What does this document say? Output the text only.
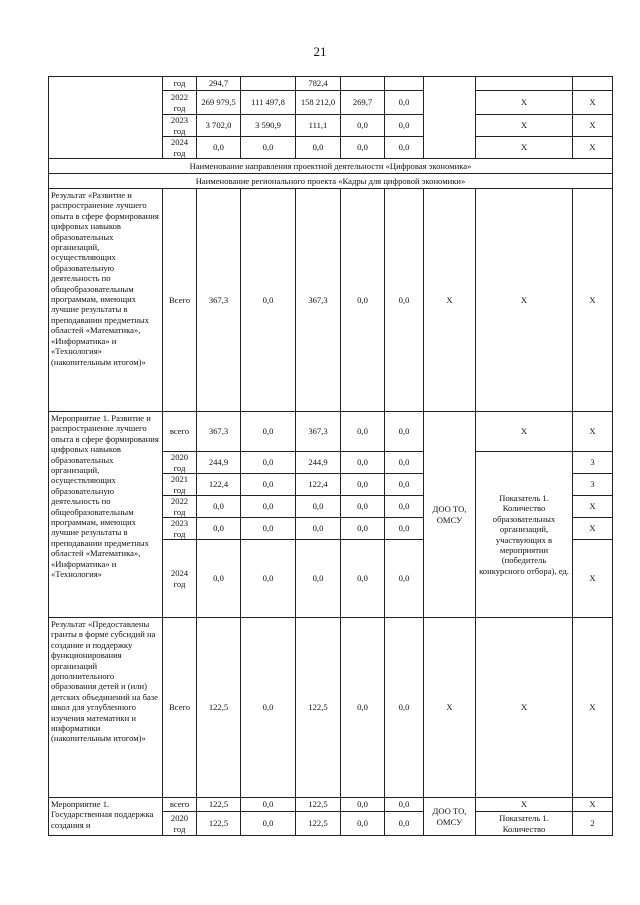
21
	год	294,7		782,4					
	2022 год	269 979,5	111 497,8	158 212,0	269,7	0,0		Х	Х
	2023 год	3 702,0	3 590,9	111,1	0,0	0,0		Х	Х
	2024 год	0,0	0,0	0,0	0,0	0,0		Х	Х
Наименование направления проектной деятельности «Цифровая экономика»									
Наименование регионального проекта «Кадры для цифровой экономики»									
Результат «Развитие и распространение лучшего опыта в сфере формирования цифровых навыков образовательных организаций, осуществляющих образовательную деятельность по общеобразовательным программам, имеющих лучшие результаты в преподавании предметных областей «Математика», «Информатика» и «Технология» (накопительным итогом)»	Всего	367,3	0,0	367,3	0,0	0,0	Х	Х	Х
Мероприятие 1. Развитие и распространение лучшего опыта в сфере формирования цифровых навыков образовательных организаций, осуществляющих образовательную деятельность по общеобразовательным программам, имеющих лучшие результаты в преподавании предметных областей «Математика», «Информатика» и «Технология»	всего	367,3	0,0	367,3	0,0	0,0	ДОО ТО, ОМСУ	Х	Х
	2020 год	244,9	0,0	244,9	0,0	0,0		Показатель 1. Количество образовательных организаций, участвующих в мероприятии (победитель конкурсного отбора), ед.	3
	2021 год	122,4	0,0	122,4	0,0	0,0			3
	2022 год	0,0	0,0	0,0	0,0	0,0			Х
	2023 год	0,0	0,0	0,0	0,0	0,0			Х
	2024 год	0,0	0,0	0,0	0,0	0,0			Х
Результат «Предоставлены гранты в форме субсидий на создание и поддержку функционирования организаций дополнительного образования детей и (или) детских объединений на базе школ для углубленного изучения математики и информатики (накопительным итогом)»	Всего	122,5	0,0	122,5	0,0	0,0	Х	Х	Х
Мероприятие 1. Государственная поддержка создания и	всего	122,5	0,0	122,5	0,0	0,0	ДОО ТО, ОМСУ	Х	Х
	2020 год	122,5	0,0	122,5	0,0	0,0		Показатель 1. Количество	2
